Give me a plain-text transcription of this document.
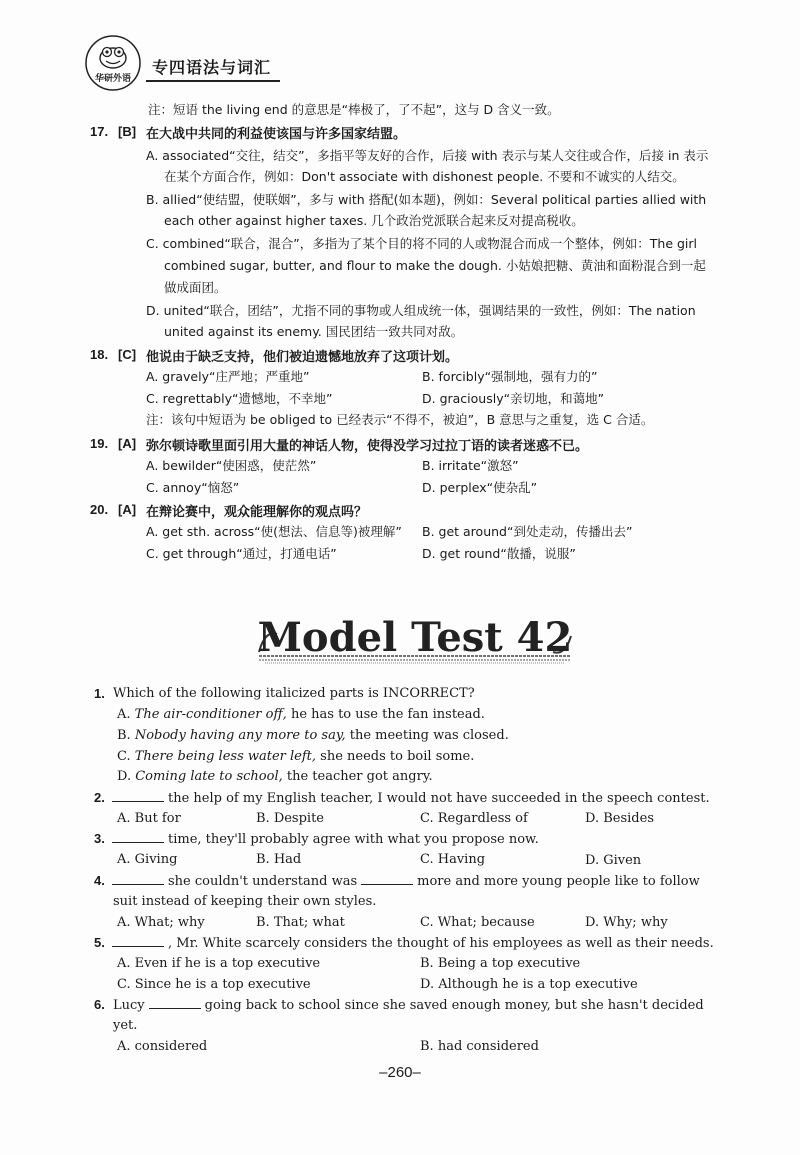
华研外语
专四语法与词汇
注：短语 the living end 的意思是“棒极了，了不起”，这与 D 含义一致。
17. [B] 在大战中共同的利益使该国与许多国家结盟。
A. associated“交往，结交”，多指平等友好的合作，后接 with 表示与某人交往或合作，后接 in 表示
在某个方面合作，例如：Don't associate with dishonest people. 不要和不诚实的人结交。
B. allied“使结盟，使联姻”，多与 with 搭配(如本题)，例如：Several political parties allied with
each other against higher taxes. 几个政治党派联合起来反对提高税收。
C. combined“联合，混合”，多指为了某个目的将不同的人或物混合而成一个整体，例如：The girl
combined sugar, butter, and flour to make the dough. 小姑娘把糖、黄油和面粉混合到一起
做成面团。
D. united“联合，团结”，尤指不同的事物或人组成统一体，强调结果的一致性，例如：The nation
united against its enemy. 国民团结一致共同对敌。
18. [C] 他说由于缺乏支持，他们被迫遗憾地放弃了这项计划。
A. gravely“庄严地；严重地”	B. forcibly“强制地，强有力的”
C. regrettably“遗憾地，不幸地”	D. graciously“亲切地，和蔼地”
注：该句中短语为 be obliged to 已经表示“不得不，被迫”，B 意思与之重复，选 C 合适。
19. [A] 弥尔顿诗歌里面引用大量的神话人物，使得没学习过拉丁语的读者迷惑不已。
A. bewilder“使困惑，使茫然”	B. irritate“激怒”
C. annoy“恼怒”	D. perplex“使杂乱”
20. [A] 在辩论赛中，观众能理解你的观点吗？
A. get sth. across“使(想法、信息等)被理解” B. get around“到处走动，传播出去”
C. get through“通过，打通电话”	D. get round“散播，说服”
Model Test 42
1. Which of the following italicized parts is INCORRECT?
A. The air-conditioner off, he has to use the fan instead.
B. Nobody having any more to say, the meeting was closed.
C. There being less water left, she needs to boil some.
D. Coming late to school, the teacher got angry.
2.	the help of my English teacher, I would not have succeeded in the speech contest.
A. But for	B. Despite	C. Regardless of	D. Besides
3.	time, they'll probably agree with what you propose now.
A. Giving	B. Had	C. Having	D. Given
4.	she couldn't understand was	more and more young people like to follow
suit instead of keeping their own styles.
A. What; why	B. That; what	C. What; because	D. Why; why
5.	, Mr. White scarcely considers the thought of his employees as well as their needs.
A. Even if he is a top executive	B. Being a top executive
C. Since he is a top executive	D. Although he is a top executive
6. Lucy	going back to school since she saved enough money, but she hasn't decided
yet.
A. considered	B. had considered
–260–
